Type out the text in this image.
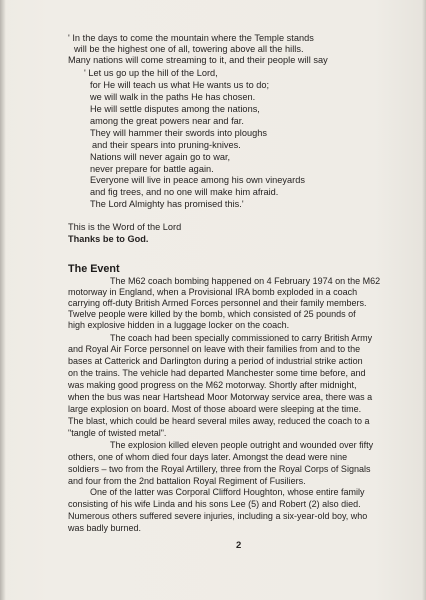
' In the days to come the mountain where the Temple stands
will be the highest one of all, towering above all the hills.
Many nations will come streaming to it, and their people will say
' Let us go up the hill of the Lord,
for He will teach us what He wants us to do;
we will walk in the paths He has chosen.
He will settle disputes among the nations,
among the great powers near and far.
They will hammer their swords into ploughs
and their spears into pruning-knives.
Nations will never again go to war,
never prepare for battle again.
Everyone will live in peace among his own vineyards
and fig trees, and no one will make him afraid.
The Lord Almighty has promised this.'
This is the Word of the Lord
Thanks be to God.
The Event
The M62 coach bombing happened on 4 February 1974 on the M62
motorway in England, when a Provisional IRA bomb exploded in a coach
carrying off-duty British Armed Forces personnel and their family members.
Twelve people were killed by the bomb, which consisted of 25 pounds of
high explosive hidden in a luggage locker on the coach.
The coach had been specially commissioned to carry British Army
and Royal Air Force personnel on leave with their families from and to the
bases at Catterick and Darlington during a period of industrial strike action
on the trains. The vehicle had departed Manchester some time before, and
was making good progress on the M62 motorway. Shortly after midnight,
when the bus was near Hartshead Moor Motorway service area, there was a
large explosion on board. Most of those aboard were sleeping at the time.
The blast, which could be heard several miles away, reduced the coach to a
"tangle of twisted metal".
The explosion killed eleven people outright and wounded over fifty
others, one of whom died four days later. Amongst the dead were nine
soldiers – two from the Royal Artillery, three from the Royal Corps of Signals
and four from the 2nd battalion Royal Regiment of Fusiliers.
One of the latter was Corporal Clifford Houghton, whose entire family
consisting of his wife Linda and his sons Lee (5) and Robert (2) also died.
Numerous others suffered severe injuries, including a six-year-old boy, who
was badly burned.
2
